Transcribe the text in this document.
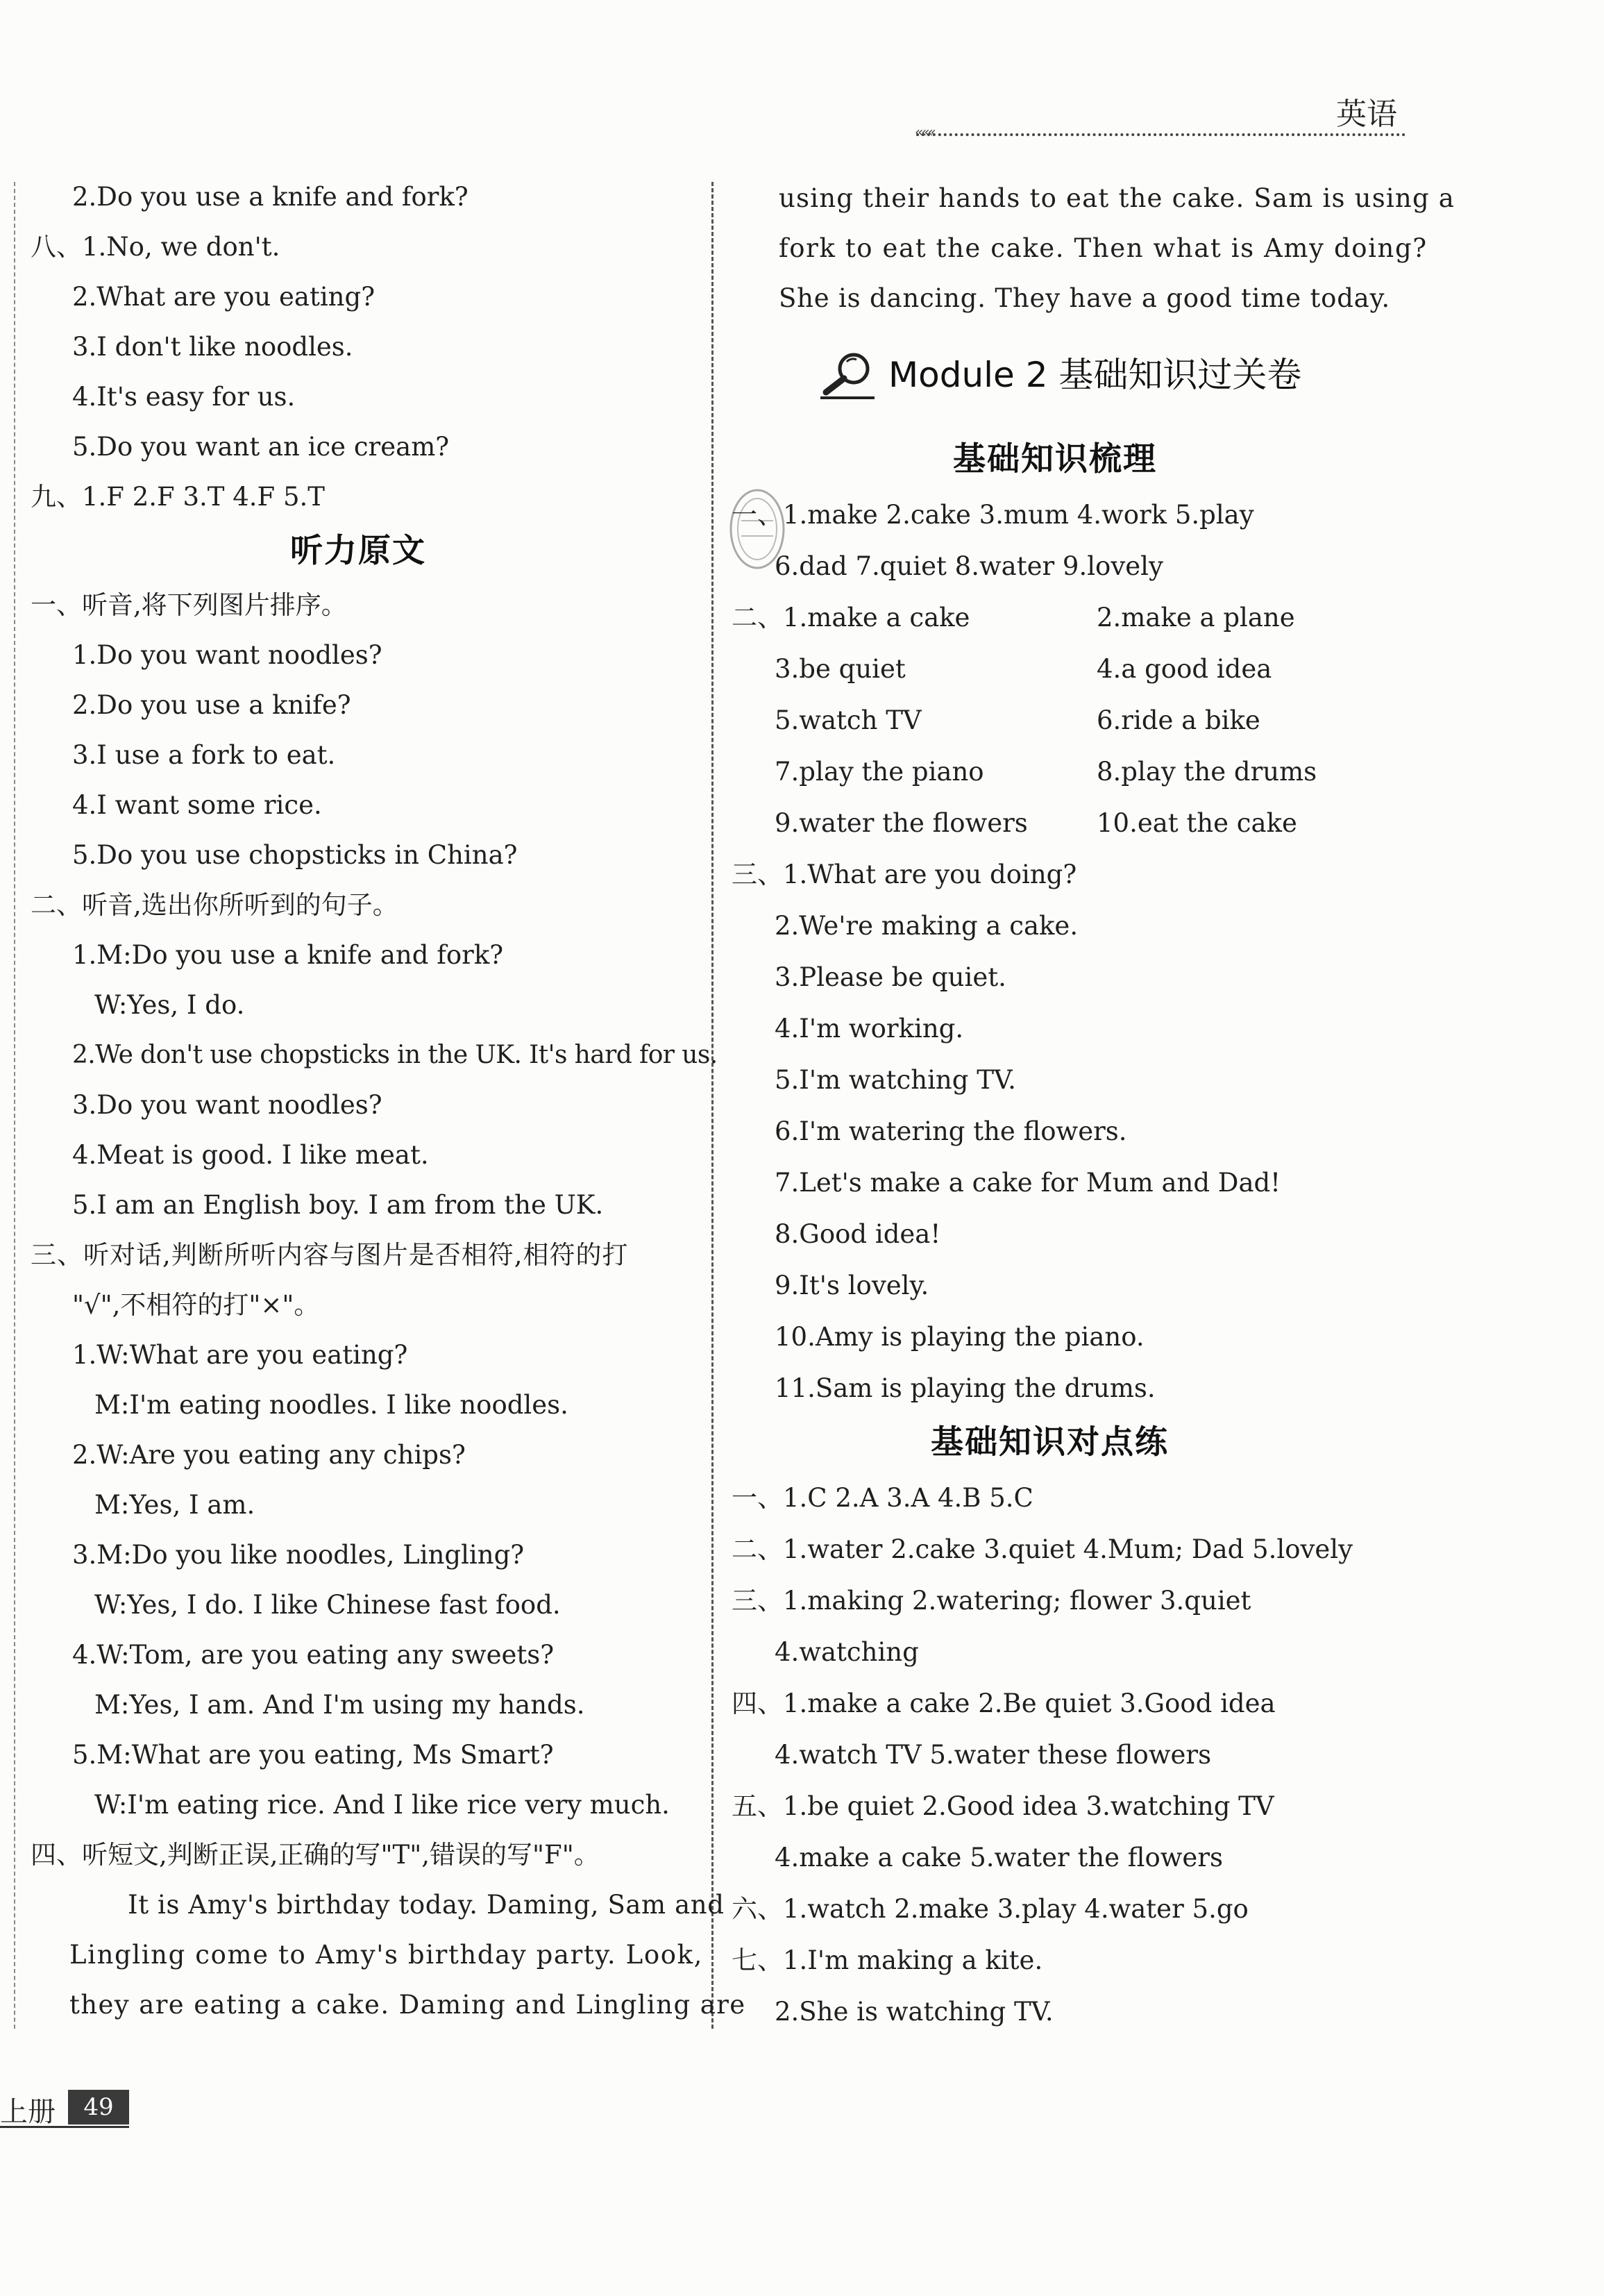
英语
«««
2.Do you use a knife and fork?
八、1.No, we don't.
2.What are you eating?
3.I don't like noodles.
4.It's easy for us.
5.Do you want an ice cream?
九、1.F 2.F 3.T 4.F 5.T
听力原文
一、听音,将下列图片排序。
1.Do you want noodles?
2.Do you use a knife?
3.I use a fork to eat.
4.I want some rice.
5.Do you use chopsticks in China?
二、听音,选出你所听到的句子。
1.M:Do you use a knife and fork?
W:Yes, I do.
2.We don't use chopsticks in the UK. It's hard for us.
3.Do you want noodles?
4.Meat is good. I like meat.
5.I am an English boy. I am from the UK.
三、听对话,判断所听内容与图片是否相符,相符的打
"√",不相符的打"×"。
1.W:What are you eating?
M:I'm eating noodles. I like noodles.
2.W:Are you eating any chips?
M:Yes, I am.
3.M:Do you like noodles, Lingling?
W:Yes, I do. I like Chinese fast food.
4.W:Tom, are you eating any sweets?
M:Yes, I am. And I'm using my hands.
5.M:What are you eating, Ms Smart?
W:I'm eating rice. And I like rice very much.
四、听短文,判断正误,正确的写"T",错误的写"F"。
It is Amy's birthday today. Daming, Sam and
Lingling come to Amy's birthday party. Look,
they are eating a cake. Daming and Lingling are
using their hands to eat the cake. Sam is using a
fork to eat the cake. Then what is Amy doing?
She is dancing. They have a good time today.
Module 2 基础知识过关卷
基础知识梳理
一、1.make 2.cake 3.mum 4.work 5.play
6.dad 7.quiet 8.water 9.lovely
二、1.make a cake	2.make a plane
3.be quiet	4.a good idea
5.watch TV	6.ride a bike
7.play the piano	8.play the drums
9.water the flowers	10.eat the cake
三、1.What are you doing?
2.We're making a cake.
3.Please be quiet.
4.I'm working.
5.I'm watching TV.
6.I'm watering the flowers.
7.Let's make a cake for Mum and Dad!
8.Good idea!
9.It's lovely.
10.Amy is playing the piano.
11.Sam is playing the drums.
基础知识对点练
一、1.C 2.A 3.A 4.B 5.C
二、1.water 2.cake 3.quiet 4.Mum; Dad 5.lovely
三、1.making 2.watering; flower 3.quiet
4.watching
四、1.make a cake 2.Be quiet 3.Good idea
4.watch TV 5.water these flowers
五、1.be quiet 2.Good idea 3.watching TV
4.make a cake 5.water the flowers
六、1.watch 2.make 3.play 4.water 5.go
七、1.I'm making a kite.
2.She is watching TV.
上册	49
